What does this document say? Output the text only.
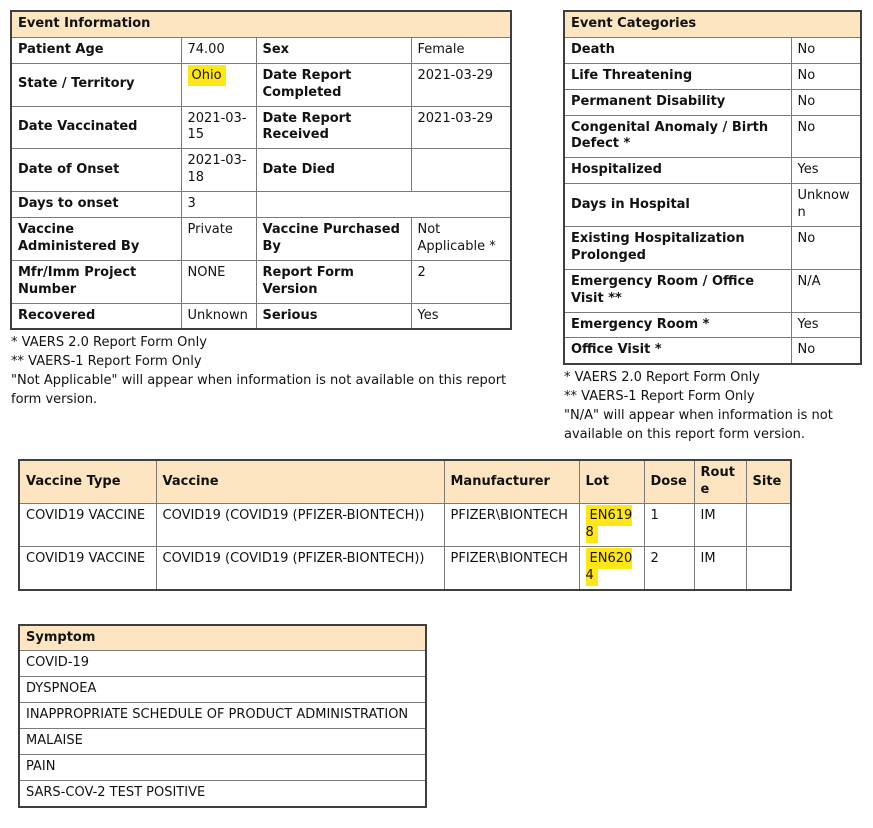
Event Information			
Patient Age	74.00	Sex	Female
State / Territory	Ohio	Date Report Completed	2021-03-29
Date Vaccinated	2021-03-15	Date Report Received	2021-03-29
Date of Onset	2021-03-18	Date Died	
Days to onset	3		
Vaccine Administered By	Private	Vaccine Purchased By	Not Applicable *
Mfr/Imm Project Number	NONE	Report Form Version	2
Recovered	Unknown	Serious	Yes
* VAERS 2.0 Report Form Only
** VAERS-1 Report Form Only
"Not Applicable" will appear when information is not available on this report form version.
Event Categories	
Death	No
Life Threatening	No
Permanent Disability	No
Congenital Anomaly / Birth Defect *	No
Hospitalized	Yes
Days in Hospital	Unknown
Existing Hospitalization Prolonged	No
Emergency Room / Office Visit **	N/A
Emergency Room *	Yes
Office Visit *	No
* VAERS 2.0 Report Form Only
** VAERS-1 Report Form Only
"N/A" will appear when information is not available on this report form version.
Vaccine Type	Vaccine	Manufacturer	Lot	Dose	Route	Site
COVID19 VACCINE	COVID19 (COVID19 (PFIZER-BIONTECH))	PFIZER\BIONTECH	EN6198	1	IM	
COVID19 VACCINE	COVID19 (COVID19 (PFIZER-BIONTECH))	PFIZER\BIONTECH	EN6204	2	IM	
Symptom
COVID-19
DYSPNOEA
INAPPROPRIATE SCHEDULE OF PRODUCT ADMINISTRATION
MALAISE
PAIN
SARS-COV-2 TEST POSITIVE
